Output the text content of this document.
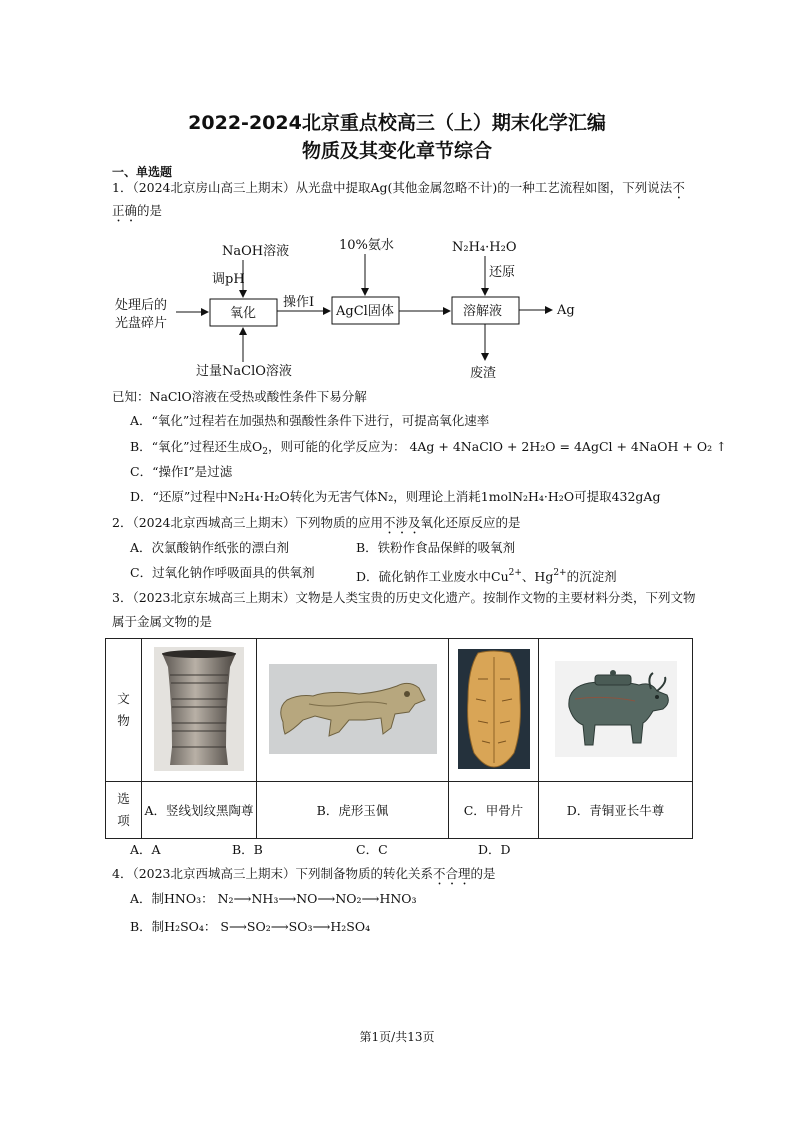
2022-2024北京重点校高三（上）期末化学汇编
物质及其变化章节综合
一、单选题
1．（2024北京房山高三上期末）从光盘中提取Ag(其他金属忽略不计)的一种工艺流程如图，下列说法不
正确的是
NaOH溶液
调pH
处理后的
光盘碎片
氧化
操作I
过量NaClO溶液
10%氨水
AgCl固体
N₂H₄·H₂O
还原
溶解液	Ag
废渣
已知：NaClO溶液在受热或酸性条件下易分解
A．“氧化”过程若在加强热和强酸性条件下进行，可提高氧化速率
B．“氧化”过程还生成$O_2$，则可能的化学反应为： 4Ag + 4NaClO + 2H₂O = 4AgCl + 4NaOH + O₂ ↑
C．“操作I”是过滤
D．“还原”过程中N₂H₄·H₂O转化为无害气体N₂，则理论上消耗1molN₂H₄·H₂O可提取432gAg
2．（2024北京西城高三上期末）下列物质的应用不涉及氧化还原反应的是
A．次氯酸钠作纸张的漂白剂	B．铁粉作食品保鲜的吸氧剂
C．过氧化钠作呼吸面具的供氧剂	D．硫化钠作工业废水中$Cu^{2+}$、$Hg^{2+}$的沉淀剂
3．（2023北京东城高三上期末）文物是人类宝贵的历史文化遗产。按制作文物的主要材料分类，下列文物
属于金属文物的是
文
物

选
项	A．竖线划纹黑陶尊	B．虎形玉佩	C．甲骨片	D．青铜亚长牛尊
A．A	B．B	C．C	D．D
4．（2023北京西城高三上期末）下列制备物质的转化关系不合理的是
A．制HNO₃： N₂⟶NH₃⟶NO⟶NO₂⟶HNO₃
B．制H₂SO₄： S⟶SO₂⟶SO₃⟶H₂SO₄
第1页/共13页
